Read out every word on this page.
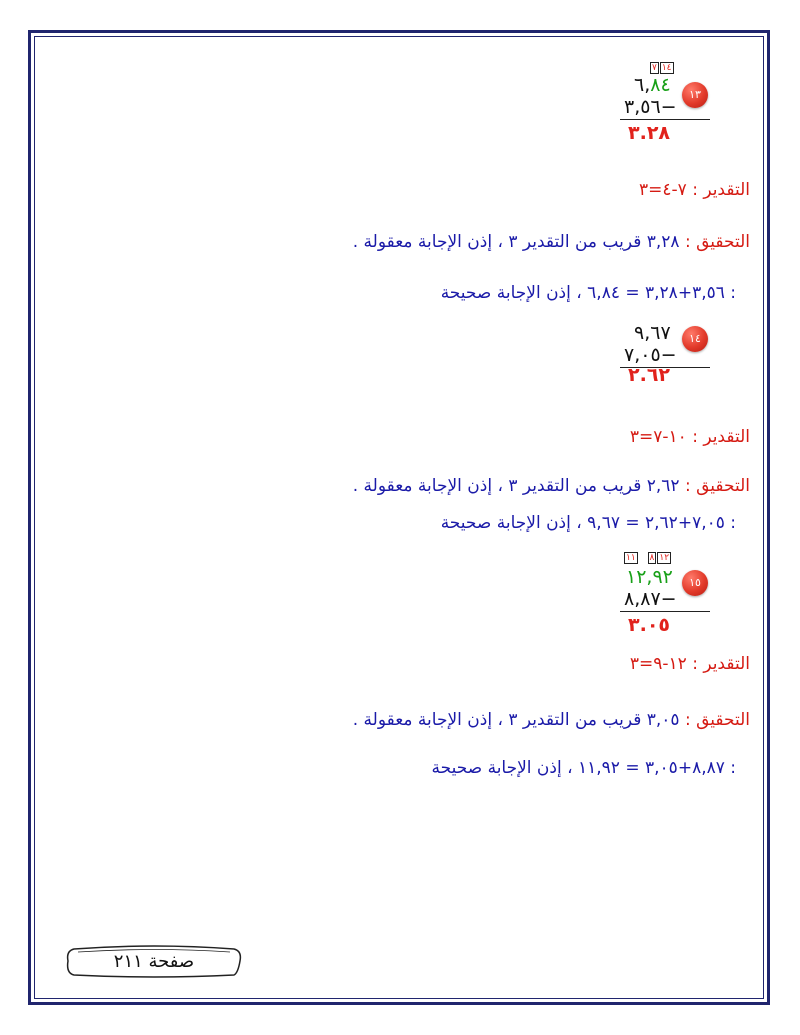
١٣
٧ ١٤
٦,٨٤
٣,٥٦−
٣.٢٨
التقدير : ٧-٤=٣
التحقيق : ٣,٢٨ قريب من التقدير ٣ ، إذن الإجابة معقولة .
: ٣,٥٦+٣,٢٨ = ٦,٨٤ ، إذن الإجابة صحيحة
١٤
٩,٦٧
٧,٠٥−
٢.٦٢
التقدير : ١٠-٧=٣
التحقيق : ٢,٦٢ قريب من التقدير ٣ ، إذن الإجابة معقولة .
: ٧,٠٥+٢,٦٢ = ٩,٦٧ ، إذن الإجابة صحيحة
١٥
١١ ٨ ١٢
١٢,٩٢
٨,٨٧−
٣.٠٥
التقدير : ١٢-٩=٣
التحقيق : ٣,٠٥ قريب من التقدير ٣ ، إذن الإجابة معقولة .
: ٨,٨٧+٣,٠٥ = ١١,٩٢ ، إذن الإجابة صحيحة
صفحة ٢١١
